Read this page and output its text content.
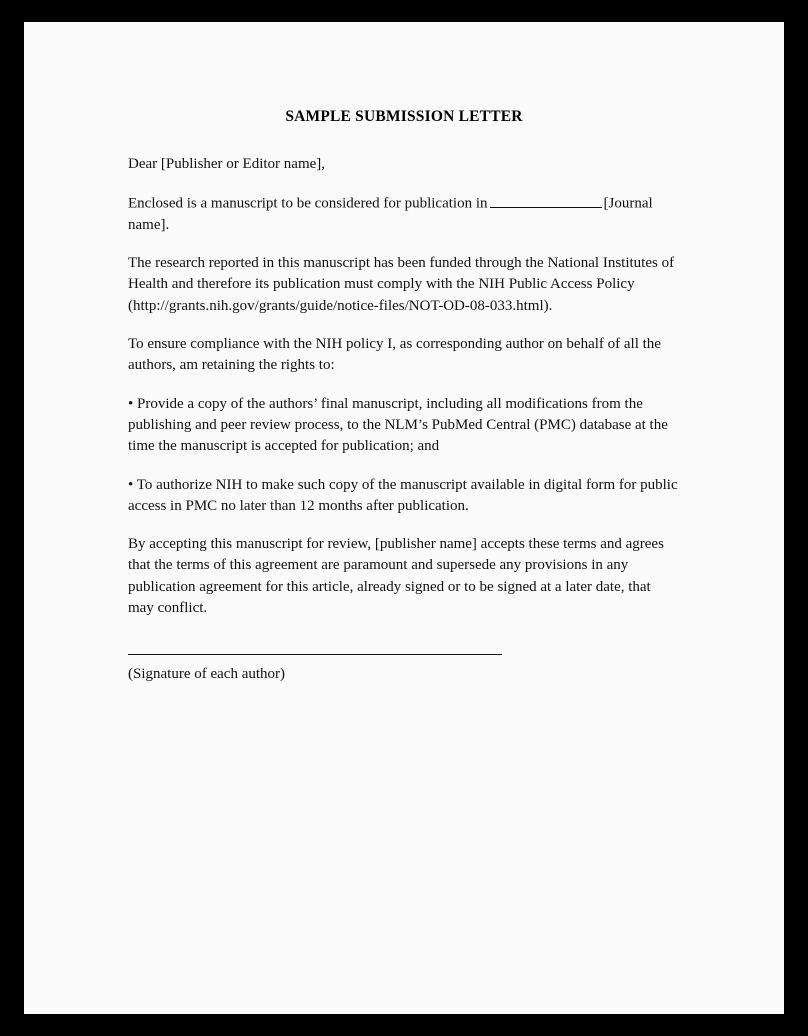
SAMPLE SUBMISSION LETTER

Dear [Publisher or Editor name],

Enclosed is a manuscript to be considered for publication in	[Journal name].

The research reported in this manuscript has been funded through the National Institutes of Health and therefore its publication must comply with the NIH Public Access Policy (http://grants.nih.gov/grants/guide/notice-files/NOT-OD-08-033.html).

To ensure compliance with the NIH policy I, as corresponding author on behalf of all the authors, am retaining the rights to:

• Provide a copy of the authors’ final manuscript, including all modifications from the publishing and peer review process, to the NLM’s PubMed Central (PMC) database at the time the manuscript is accepted for publication; and

• To authorize NIH to make such copy of the manuscript available in digital form for public access in PMC no later than 12 months after publication.

By accepting this manuscript for review, [publisher name] accepts these terms and agrees that the terms of this agreement are paramount and supersede any provisions in any publication agreement for this article, already signed or to be signed at a later date, that may conflict.

(Signature of each author)
